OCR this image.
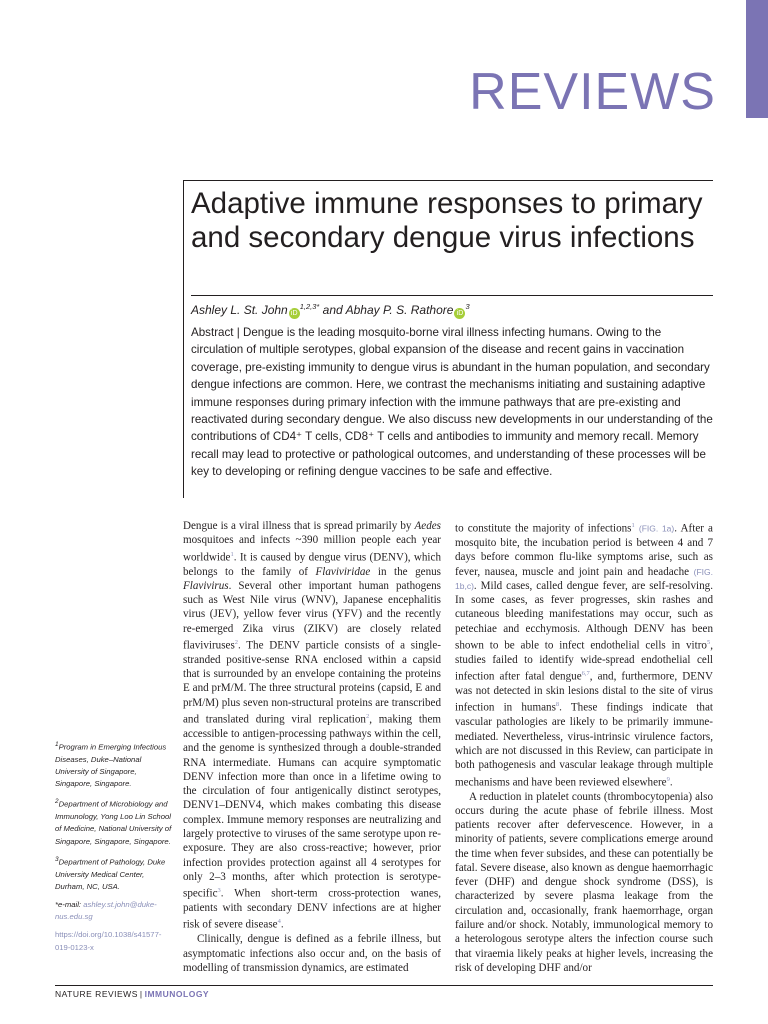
REVIEWS
Adaptive immune responses to primary and secondary dengue virus infections
Ashley L. St. John $iD^{1,2,3*}$ and Abhay P. S. Rathore $iD^3$

Abstract | Dengue is the leading mosquito-borne viral illness infecting humans. Owing to the circulation of multiple serotypes, global expansion of the disease and recent gains in vaccination coverage, pre-existing immunity to dengue virus is abundant in the human population, and secondary dengue infections are common. Here, we contrast the mechanisms initiating and sustaining adaptive immune responses during primary infection with the immune pathways that are pre-existing and reactivated during secondary dengue. We also discuss new developments in our understanding of the contributions of CD4⁺ T cells, CD8⁺ T cells and antibodies to immunity and memory recall. Memory recall may lead to protective or pathological outcomes, and understanding of these processes will be key to developing or refining dengue vaccines to be safe and effective.

Dengue is a viral illness that is spread primarily by Aedes mosquitoes and infects ~390 million people each year worldwide$^1$. It is caused by dengue virus (DENV), which belongs to the family of Flaviviridae in the genus Flavivirus. Several other important human pathogens such as West Nile virus (WNV), Japanese encephalitis virus (JEV), yellow fever virus (YFV) and the recently re-emerged Zika virus (ZIKV) are closely related flaviviruses$^2$. The DENV particle consists of a single-stranded positive-sense RNA enclosed within a capsid that is surrounded by an envelope containing the proteins E and prM/M. The three structural proteins (capsid, E and prM/M) plus seven non-structural proteins are transcribed and translated during viral replication$^2$, making them accessible to antigen-processing pathways within the cell, and the genome is synthesized through a double-stranded RNA intermediate. Humans can acquire symptomatic DENV infection more than once in a lifetime owing to the circulation of four antigenically distinct serotypes, DENV1–DENV4, which makes combating this disease complex. Immune memory responses are neutralizing and largely protective to viruses of the same serotype upon re-exposure. They are also cross-reactive; however, prior infection provides protection against all 4 serotypes for only 2–3 months, after which protection is serotype-specific$^3$. When short-term cross-protection wanes, patients with secondary DENV infections are at higher risk of severe disease$^4$.
Clinically, dengue is defined as a febrile illness, but asymptomatic infections also occur and, on the basis of modelling of transmission dynamics, are estimated
to constitute the majority of infections$^1$ (FIG. 1a). After a mosquito bite, the incubation period is between 4 and 7 days before common flu-like symptoms arise, such as fever, nausea, muscle and joint pain and headache (FIG. 1b,c). Mild cases, called dengue fever, are self-resolving. In some cases, as fever progresses, skin rashes and cutaneous bleeding manifestations may occur, such as petechiae and ecchymosis. Although DENV has been shown to be able to infect endothelial cells in vitro$^5$, studies failed to identify wide-spread endothelial cell infection after fatal dengue$^{6,7}$, and, furthermore, DENV was not detected in skin lesions distal to the site of virus infection in humans$^8$. These findings indicate that vascular pathologies are likely to be primarily immune-mediated. Nevertheless, virus-intrinsic virulence factors, which are not discussed in this Review, can participate in both pathogenesis and vascular leakage through multiple mechanisms and have been reviewed elsewhere$^9$.
A reduction in platelet counts (thrombocytopenia) also occurs during the acute phase of febrile illness. Most patients recover after defervescence. However, in a minority of patients, severe complications emerge around the time when fever subsides, and these can potentially be fatal. Severe disease, also known as dengue haemorrhagic fever (DHF) and dengue shock syndrome (DSS), is characterized by severe plasma leakage from the circulation and, occasionally, frank haemorrhage, organ failure and/or shock. Notably, immunological memory to a heterologous serotype alters the infection course such that viraemia likely peaks at higher levels, increasing the risk of developing DHF and/or
$^1$Program in Emerging Infectious Diseases, Duke–National University of Singapore, Singapore, Singapore.
$^2$Department of Microbiology and Immunology, Yong Loo Lin School of Medicine, National University of Singapore, Singapore, Singapore.
$^3$Department of Pathology, Duke University Medical Center, Durham, NC, USA.
*e-mail: ashley.st.john@duke-nus.edu.sg
https://doi.org/10.1038/s41577-019-0123-x
NATURE REVIEWS | IMMUNOLOGY
